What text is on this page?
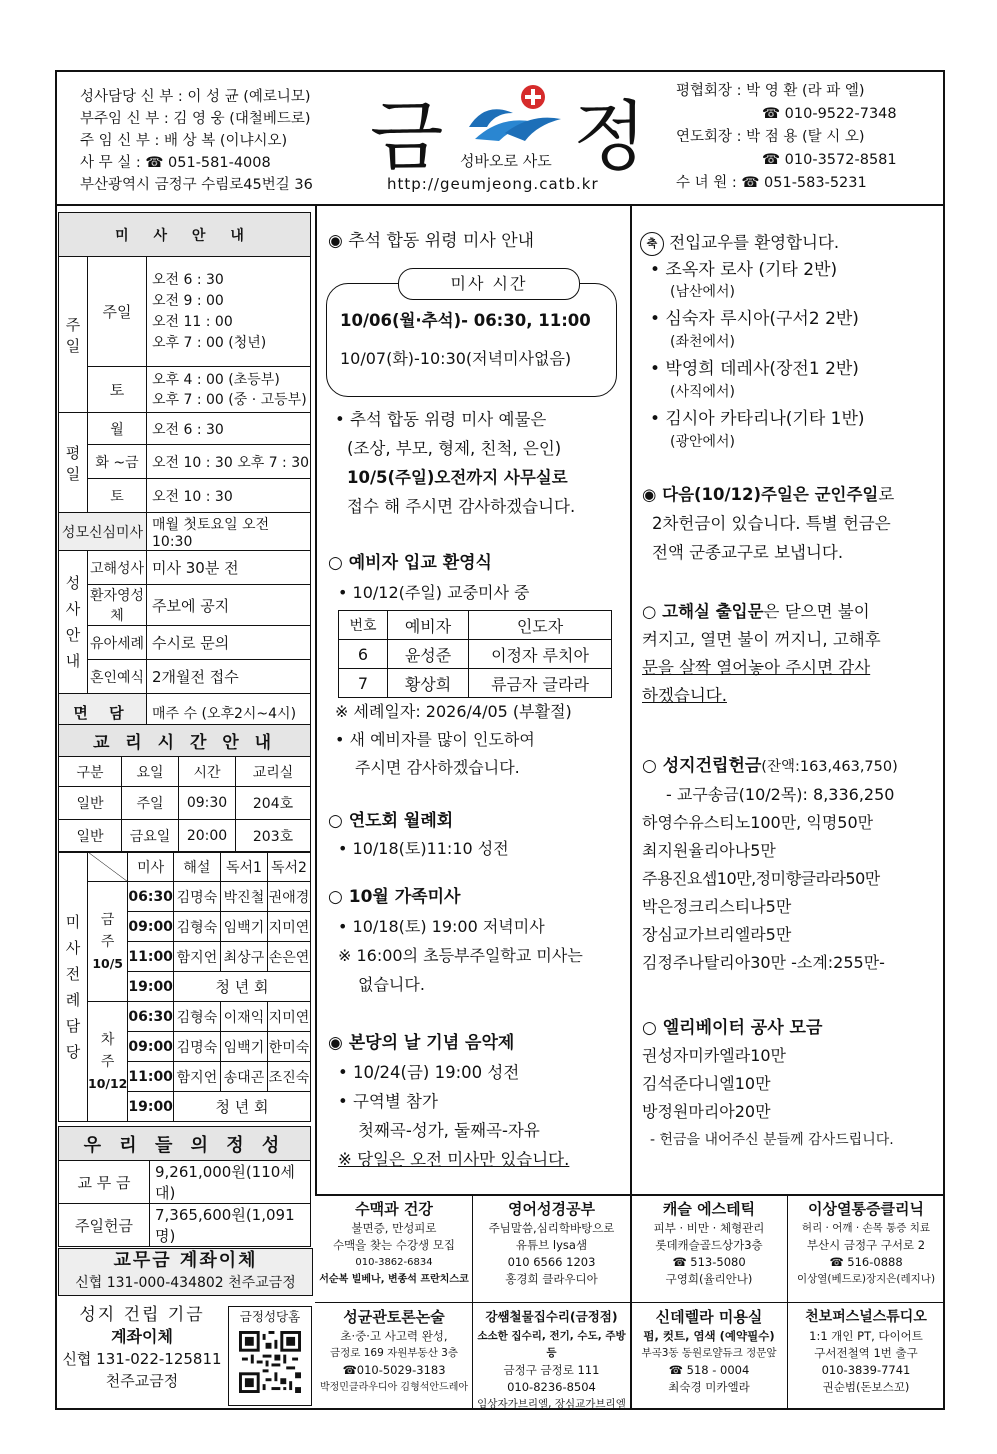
성사담당 신 부 : 이 성 균 (예로니모)
부주임 신 부 : 김 영 웅 (대철베드로)
주 임 신 부 : 배 상 복 (이냐시오)
사 무 실 : ☎ 051-581-4008
부산광역시 금정구 수림로45번길 36
금 정
성바오로 사도
http://geumjeong.catb.kr
평협회장 : 박 영 환 (라 파 엘)
☎ 010-9522-7348
연도회장 : 박 점 용 (탈 시 오)
☎ 010-3572-8581
수 녀 원 : ☎ 051-583-5231
미 사 안 내		

주일	주일	오전 6 : 30
오전 9 : 00
오전 11 : 00
오후 7 : 00 (청년)

	토	오후 4 : 00 (초등부)
오후 7 : 00 (중 · 고등부)

평일	월	오전 6 : 30
	화 ~금	오전 10 : 30 오후 7 : 30
	토	오전 10 : 30
성모신심미사		매월 첫토요일 오전 10:30

성사안내	고해성사	미사 30분 전
	환자영성체	주보에 공지
	유아세례	수시로 문의
	혼인예식	2개월전 접수
면 담		매주 수 (오후2시~4시)
교 리 시 간 안 내			
구분	요일	시간	교리실
일반	주일	09:30	204호
일반	금요일	20:00	203호
미사전례담당		미사	해설	독서1	독서2

	금주
10/5	06:30	김명숙	박진철	권애경
		09:00	김형숙	임백기	지미연
		11:00	함지언	최상구	손은연
		19:00	청 년 회		

	차주
10/12	06:30	김형숙	이재익	지미연
		09:00	김명숙	임백기	한미숙
		11:00	함지언	송대곤	조진숙
		19:00	청 년 회		
우 리 들 의 정 성	
교 무 금	9,261,000원(110세대)
주일헌금	7,365,600원(1,091명)
교무금 계좌이체
신협 131-000-434802 천주교금정
성지 건립 기금
계좌이체
신협 131-022-125811
천주교금정
금정성당홈
미사 시간
10/06(월·추석)- 06:30, 11:00
10/07(화)-10:30(저녁미사없음)
◉ 추석 합동 위령 미사 안내
• 추석 합동 위령 미사 예물은
(조상, 부모, 형제, 친척, 은인)
10/5(주일)오전까지 사무실로
접수 해 주시면 감사하겠습니다.
○ 예비자 입교 환영식
• 10/12(주일) 교중미사 중
번호	예비자	인도자
6	윤성준	이정자 루치아
7	황상희	류금자 글라라
※ 세례일자: 2026/4/05 (부활절)
• 새 예비자를 많이 인도하여
주시면 감사하겠습니다.
○ 연도회 월례회
• 10/18(토)11:10 성전
○ 10월 가족미사
• 10/18(토) 19:00 저녁미사
※ 16:00의 초등부주일학교 미사는
없습니다.
◉ 본당의 날 기념 음악제
• 10/24(금) 19:00 성전
• 구역별 참가
첫째곡-성가, 둘째곡-자유
※ 당일은 오전 미사만 있습니다.
축 전입교우를 환영합니다.
• 조옥자 로사 (기타 2반)
(남산에서)
• 심숙자 루시아(구서2 2반)
(좌천에서)
• 박영희 데레사(장전1 2반)
(사직에서)
• 김시아 카타리나(기타 1반)
(광안에서)
◉ 다음(10/12)주일은 군인주일로
2차헌금이 있습니다. 특별 헌금은
전액 군종교구로 보냅니다.
○ 고해실 출입문은 닫으면 불이
켜지고, 열면 불이 꺼지니, 고해후
문을 살짝 열어놓아 주시면 감사
하겠습니다.
○ 성지건립헌금(잔액:163,463,750)
- 교구송금(10/2목): 8,336,250
하영수유스티노100만, 익명50만
최지원율리아나5만
주용진요셉10만,정미향글라라50만
박은정크리스티나5만
장심교가브리엘라5만
김정주나탈리아30만 -소계:255만-
○ 엘리베이터 공사 모금
권성자미카엘라10만
김석준다니엘10만
방정원마리아20만
- 헌금을 내어주신 분들께 감사드립니다.
수맥과 건강
불면증, 만성피로
수맥을 찾는 수강생 모집
010-3862-6834
서순복 빌베나, 변종석 프란치스코
영어성경공부
주님말씀,심리학바탕으로
유튜브 lysa샘
010 6566 1203
홍경희 클라우디아
캐슬 에스테틱
피부 · 비만 · 체형관리
롯데캐슬골드상가3층
☎ 513-5080
구영희(율리안나)
이상열통증클리닉
허리 · 어깨 · 손목 통증 치료
부산시 금정구 구서로 2
☎ 516-0888
이상열(베드로)장지은(레지나)
성균관토론논술
초·중·고 사고력 완성,
금정로 169 자원부동산 3층
☎010-5029-3183
박정민클라우디아 김형석안드레아
강쌤철물집수리(금정점)
소소한 집수리, 전기, 수도, 주방등
금정구 금정로 111
010-8236-8504
임상자가브리엘, 장심교가브리엘
신데렐라 미용실
펌, 컷트, 염색 (예약필수)
부곡3동 동원로얄듀크 정문앞
☎ 518 - 0004
최숙경 미카엘라
천보퍼스널스튜디오
1:1 개인 PT, 다이어트
구서전철역 1번 출구
010-3839-7741
권순범(돈보스꼬)
